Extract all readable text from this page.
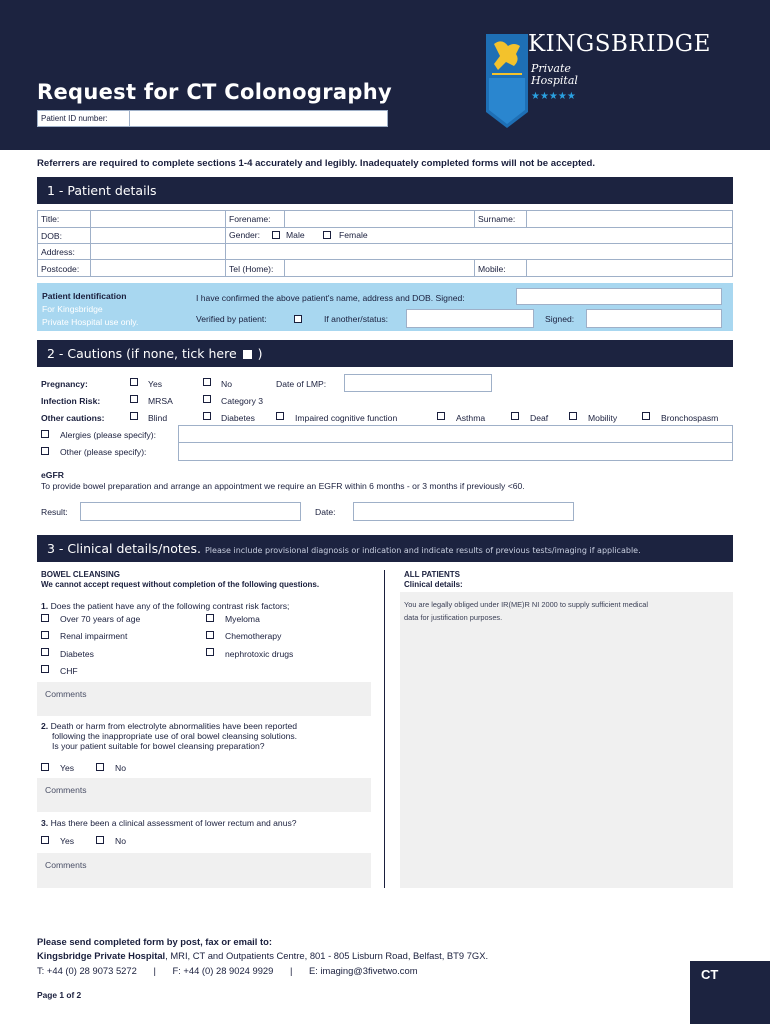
Request for CT Colonography
Patient ID number:
KINGSBRIDGE
Private
Hospital
★★★★★
Referrers are required to complete sections 1-4 accurately and legibly. Inadequately completed forms will not be accepted.
1 - Patient details
Title:	Forename:	Surname:
DOB:	Gender:	Male	Female
Address:
Postcode:	Tel (Home):	Mobile:
Patient Identification
For Kingsbridge
Private Hospital use only.
I have confirmed the above patient's name, address and DOB. Signed:
Verified by patient:	If another/status:	Signed:
2 - Cautions (if none, tick here )
Pregnancy:	Yes	No	Date of LMP:
Infection Risk:	MRSA	Category 3
Other cautions:	Blind	Diabetes	Impaired cognitive function	Asthma	Deaf	Mobility	Bronchospasm
Alergies (please specify):
Other (please specify):
eGFR
To provide bowel preparation and arrange an appointment we require an EGFR within 6 months - or 3 months if previously <60.
Result:	Date:
3 - Clinical details/notes. Please include provisional diagnosis or indication and indicate results of previous tests/imaging if applicable.
BOWEL CLEANSING
We cannot accept request without completion of the following questions.
1. Does the patient have any of the following contrast risk factors;
Over 70 years of age	Myeloma
Renal impairment	Chemotherapy
Diabetes	nephrotoxic drugs
CHF
Comments
2. Death or harm from electrolyte abnormalities have been reported
following the inappropriate use of oral bowel cleansing solutions.
Is your patient suitable for bowel cleansing preparation?
Yes	No
Comments
3. Has there been a clinical assessment of lower rectum and anus?
Yes	No
Comments
ALL PATIENTS
Clinical details:
You are legally obliged under IR(ME)R NI 2000 to supply sufficient medical
data for justification purposes.
Please send completed form by post, fax or email to:
Kingsbridge Private Hospital, MRI, CT and Outpatients Centre, 801 - 805 Lisburn Road, Belfast, BT9 7GX.
T: +44 (0) 28 9073 5272 | F: +44 (0) 28 9024 9929 | E: imaging@3fivetwo.com
Page 1 of 2
CT
